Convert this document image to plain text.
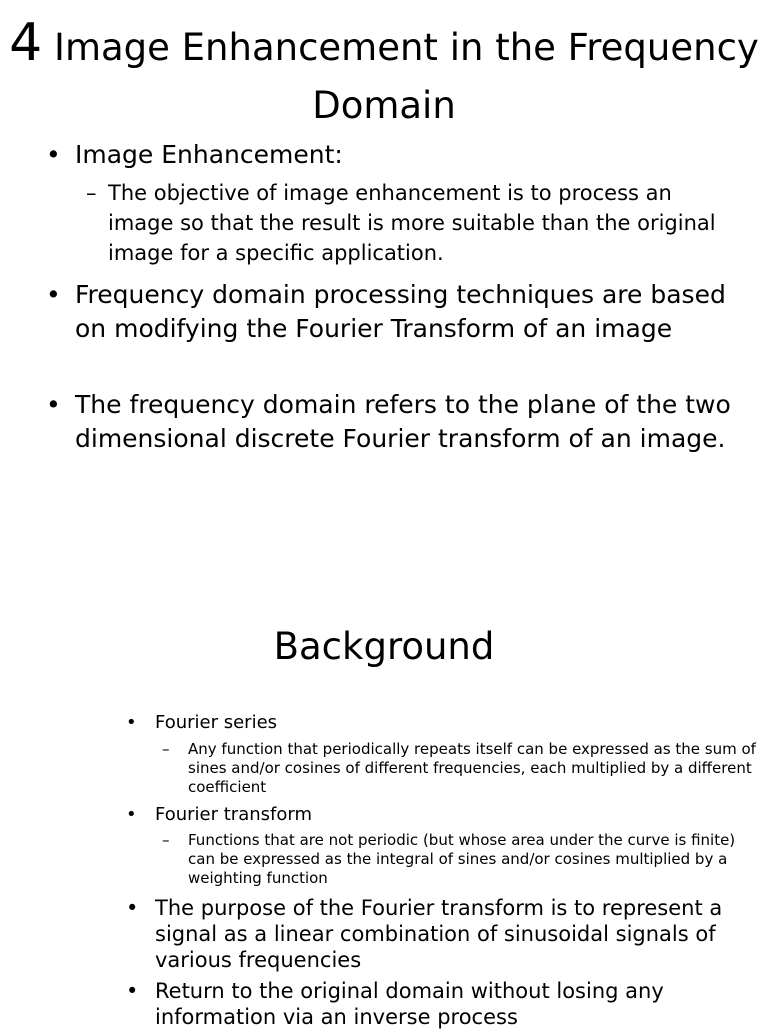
4 Image Enhancement in the Frequency Domain
• Image Enhancement:
– The objective of image enhancement is to process an image so that the result is more suitable than the original image for a specific application.
• Frequency domain processing techniques are based on modifying the Fourier Transform of an image
• The frequency domain refers to the plane of the two dimensional discrete Fourier transform of an image.
Background
• Fourier series
– Any function that periodically repeats itself can be expressed as the sum of sines and/or cosines of different frequencies, each multiplied by a different coefficient
• Fourier transform
– Functions that are not periodic (but whose area under the curve is finite) can be expressed as the integral of sines and/or cosines multiplied by a weighting function
• The purpose of the Fourier transform is to represent a signal as a linear combination of sinusoidal signals of various frequencies
• Return to the original domain without losing any information via an inverse process
